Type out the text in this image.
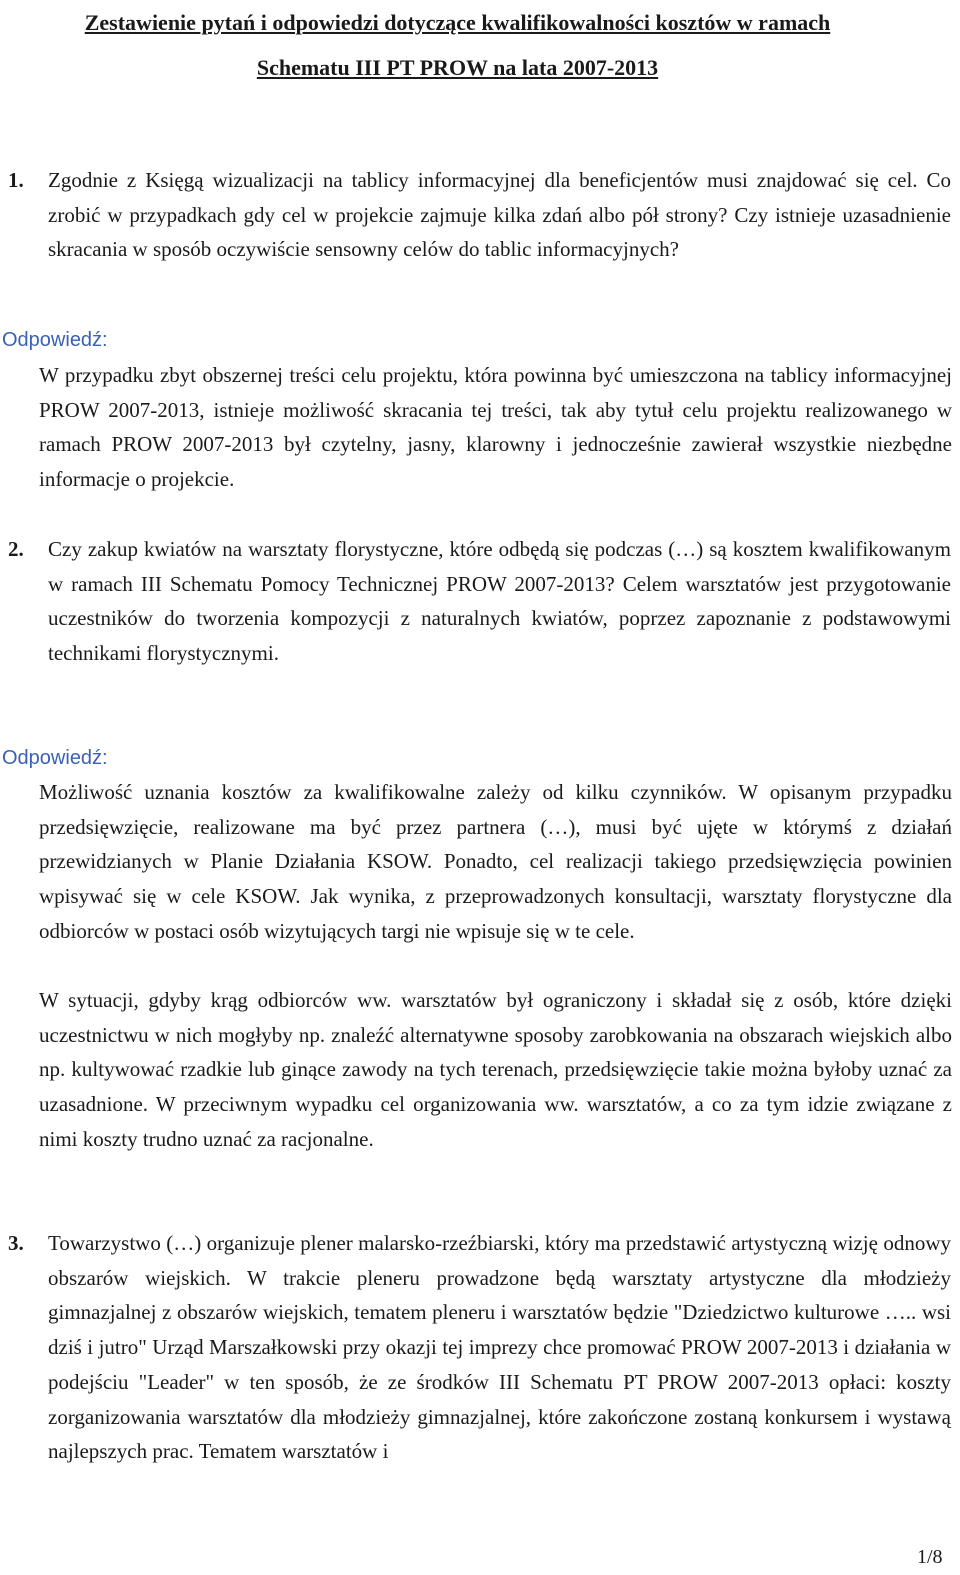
Zestawienie pytań i odpowiedzi dotyczące kwalifikowalności kosztów w ramach
Schematu III PT PROW na lata 2007-2013
1. Zgodnie z Księgą wizualizacji na tablicy informacyjnej dla beneficjentów musi znajdować się cel. Co zrobić w przypadkach gdy cel w projekcie zajmuje kilka zdań albo pół strony? Czy istnieje uzasadnienie skracania w sposób oczywiście sensowny celów do tablic informacyjnych?
Odpowiedź:
W przypadku zbyt obszernej treści celu projektu, która powinna być umieszczona na tablicy informacyjnej PROW 2007-2013, istnieje możliwość skracania tej treści, tak aby tytuł celu projektu realizowanego w ramach PROW 2007-2013 był czytelny, jasny, klarowny i jednocześnie zawierał wszystkie niezbędne informacje o projekcie.
2. Czy zakup kwiatów na warsztaty florystyczne, które odbędą się podczas (…) są kosztem kwalifikowanym w ramach III Schematu Pomocy Technicznej PROW 2007-2013? Celem warsztatów jest przygotowanie uczestników do tworzenia kompozycji z naturalnych kwiatów, poprzez zapoznanie z podstawowymi technikami florystycznymi.
Odpowiedź:
Możliwość uznania kosztów za kwalifikowalne zależy od kilku czynników. W opisanym przypadku przedsięwzięcie, realizowane ma być przez partnera (…), musi być ujęte w którymś z działań przewidzianych w Planie Działania KSOW. Ponadto, cel realizacji takiego przedsięwzięcia powinien wpisywać się w cele KSOW. Jak wynika, z przeprowadzonych konsultacji, warsztaty florystyczne dla odbiorców w postaci osób wizytujących targi nie wpisuje się w te cele.
W sytuacji, gdyby krąg odbiorców ww. warsztatów był ograniczony i składał się z osób, które dzięki uczestnictwu w nich mogłyby np. znaleźć alternatywne sposoby zarobkowania na obszarach wiejskich albo np. kultywować rzadkie lub ginące zawody na tych terenach, przedsięwzięcie takie można byłoby uznać za uzasadnione. W przeciwnym wypadku cel organizowania ww. warsztatów, a co za tym idzie związane z nimi koszty trudno uznać za racjonalne.
3. Towarzystwo (…) organizuje plener malarsko-rzeźbiarski, który ma przedstawić artystyczną wizję odnowy obszarów wiejskich. W trakcie pleneru prowadzone będą warsztaty artystyczne dla młodzieży gimnazjalnej z obszarów wiejskich, tematem pleneru i warsztatów będzie "Dziedzictwo kulturowe ….. wsi dziś i jutro" Urząd Marszałkowski przy okazji tej imprezy chce promować PROW 2007-2013 i działania w podejściu "Leader" w ten sposób, że ze środków III Schematu PT PROW 2007-2013 opłaci: koszty zorganizowania warsztatów dla młodzieży gimnazjalnej, które zakończone zostaną konkursem i wystawą najlepszych prac. Tematem warsztatów i
1/8
